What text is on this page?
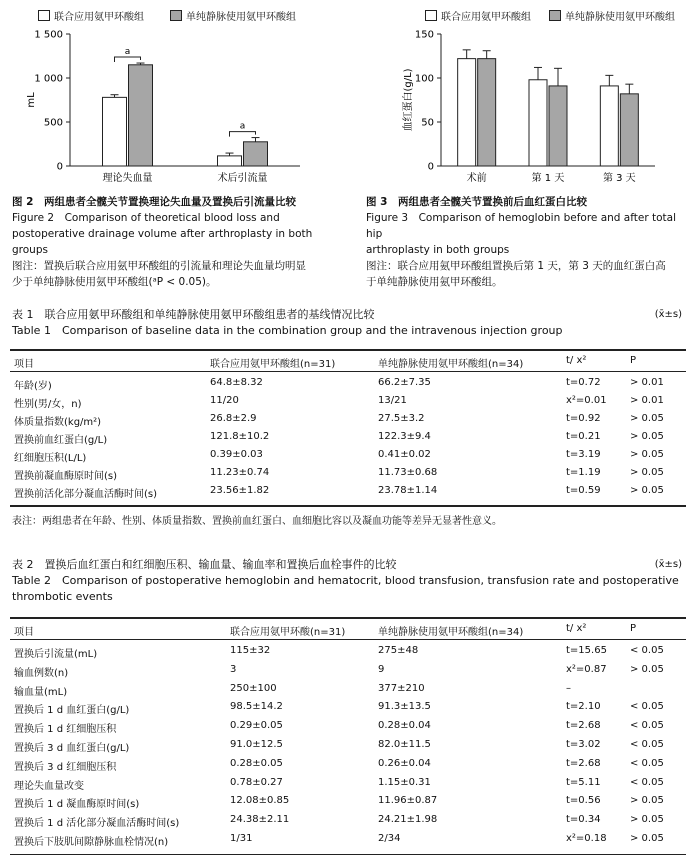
联合应用氨甲环酸组	单纯静脉使用氨甲环酸组
0
500
1 000
1 500
mL
理论失血量
a
术后引流量
a
图 2　两组患者全髋关节置换理论失血量及置换后引流量比较
Figure 2　Comparison of theoretical blood loss and
postoperative drainage volume after arthroplasty in both groups
图注：置换后联合应用氨甲环酸组的引流量和理论失血量均明显
少于单纯静脉使用氨甲环酸组(ᵃP < 0.05)。
联合应用氨甲环酸组	单纯静脉使用氨甲环酸组
0
50
100
150
血红蛋白(g/L)
术前	第 1 天	第 3 天
图 3　两组患者全髋关节置换前后血红蛋白比较
Figure 3　Comparison of hemoglobin before and after total hip
arthroplasty in both groups
图注：联合应用氨甲环酸组置换后第 1 天，第 3 天的血红蛋白高
于单纯静脉使用氨甲环酸组。
表 1　联合应用氨甲环酸组和单纯静脉使用氨甲环酸组患者的基线情况比较	(x̄±s)
Table 1　Comparison of baseline data in the combination group and the intravenous injection group
项目	联合应用氨甲环酸组(n=31)	单纯静脉使用氨甲环酸组(n=34)	t/ x²	P
年龄(岁)	64.8±8.32	66.2±7.35	t=0.72	> 0.01
性别(男/女，n)	11/20	13/21	x²=0.01 > 0.01
体质量指数(kg/m²)	26.8±2.9	27.5±3.2	t=0.92	> 0.05
置换前血红蛋白(g/L)	121.8±10.2	122.3±9.4	t=0.21	> 0.05
红细胞压积(L/L)	0.39±0.03	0.41±0.02	t=3.19	> 0.05
置换前凝血酶原时间(s)	11.23±0.74	11.73±0.68	t=1.19	> 0.05
置换前活化部分凝血活酶时间(s)	23.56±1.82	23.78±1.14	t=0.59	> 0.05
表注：两组患者在年龄、性别、体质量指数、置换前血红蛋白、血细胞比容以及凝血功能等差异无显著性意义。
表 2　置换后血红蛋白和红细胞压积、输血量、输血率和置换后血栓事件的比较	(x̄±s)
Table 2　Comparison of postoperative hemoglobin and hematocrit, blood transfusion, transfusion rate and postoperative
thrombotic events
项目	联合应用氨甲环酸(n=31)	单纯静脉使用氨甲环酸组(n=34)	t/ x²	P
置换后引流量(mL)	115±32	275±48	t=15.65 < 0.05
输血例数(n)	3	9	x²=0.87 > 0.05
输血量(mL)	250±100	377±210	–
置换后 1 d 血红蛋白(g/L)	98.5±14.2	91.3±13.5	t=2.10	< 0.05
置换后 1 d 红细胞压积	0.29±0.05	0.28±0.04	t=2.68	< 0.05
置换后 3 d 血红蛋白(g/L)	91.0±12.5	82.0±11.5	t=3.02	< 0.05
置换后 3 d 红细胞压积	0.28±0.05	0.26±0.04	t=2.68	< 0.05
理论失血量改变	0.78±0.27	1.15±0.31	t=5.11	< 0.05
置换后 1 d 凝血酶原时间(s)	12.08±0.85	11.96±0.87	t=0.56	> 0.05
置换后 1 d 活化部分凝血活酶时间(s)	24.38±2.11	24.21±1.98	t=0.34	> 0.05
置换后下肢肌间隙静脉血栓情况(n)	1/31	2/34	x²=0.18 > 0.05
